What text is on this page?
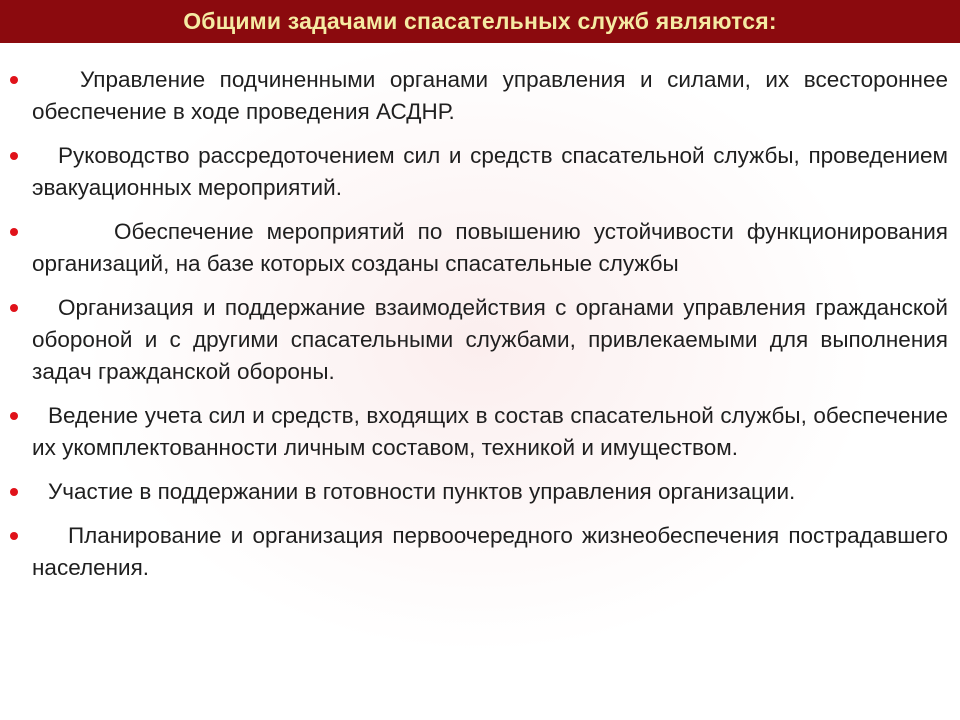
Общими задачами спасательных служб являются:
Управление подчиненными органами управления и силами, их всестороннее обеспечение в ходе проведения АСДНР.
Руководство рассредоточением сил и средств спасательной службы, проведением эвакуационных мероприятий.
Обеспечение мероприятий по повышению устойчивости функционирования организаций, на базе которых созданы спасательные службы
Организация и поддержание взаимодействия с органами управления гражданской обороной и с другими спасательными службами, привлекаемыми для выполнения задач гражданской обороны.
Ведение учета сил и средств, входящих в состав спасательной службы, обеспечение их укомплектованности личным составом, техникой и имуществом.
Участие в поддержании в готовности пунктов управления организации.
Планирование и организация первоочередного жизнеобеспечения пострадавшего населения.
